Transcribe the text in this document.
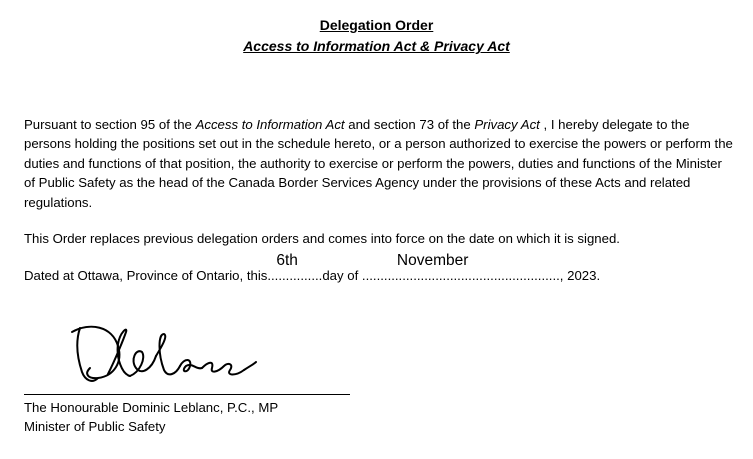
Delegation Order
Access to Information Act & Privacy Act
Pursuant to section 95 of the Access to Information Act and section 73 of the Privacy Act , I hereby delegate to the persons holding the positions set out in the schedule hereto, or a person authorized to exercise the powers or perform the duties and functions of that position, the authority to exercise or perform the powers, duties and functions of the Minister of Public Safety as the head of the Canada Border Services Agency under the provisions of these Acts and related regulations.
This Order replaces previous delegation orders and comes into force on the date on which it is signed.
Dated at Ottawa, Province of Ontario, this...............
6th
day of ......................................................
November
, 2023.
The Honourable Dominic Leblanc, P.C., MP
Minister of Public Safety
